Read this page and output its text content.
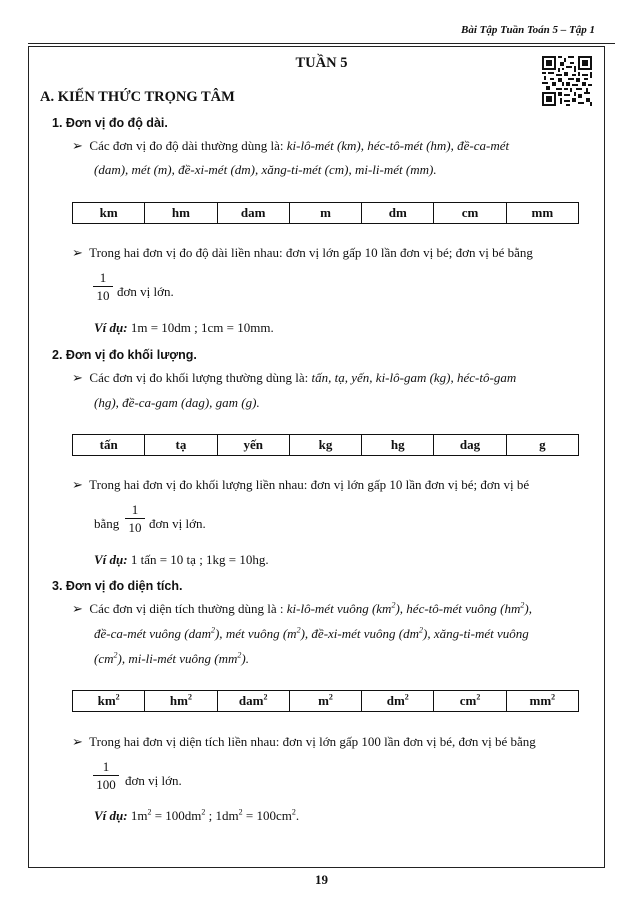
Bài Tập Tuần Toán 5 – Tập 1
TUẦN 5
A. KIẾN THỨC TRỌNG TÂM
1. Đơn vị đo độ dài.
➢ Các đơn vị đo độ dài thường dùng là: ki-lô-mét (km), héc-tô-mét (hm), đề-ca-mét
(dam), mét (m), đề-xi-mét (dm), xăng-ti-mét (cm), mi-li-mét (mm).
km	hm	dam	m	dm	cm	mm
➢ Trong hai đơn vị đo độ dài liền nhau: đơn vị lớn gấp 10 lần đơn vị bé; đơn vị bé bằng
1
10 đơn vị lớn.
Ví dụ: 1m = 10dm ; 1cm = 10mm.
2. Đơn vị đo khối lượng.
➢ Các đơn vị đo khối lượng thường dùng là: tấn, tạ, yến, ki-lô-gam (kg), héc-tô-gam
(hg), đề-ca-gam (dag), gam (g).
tấn	tạ	yến	kg	hg	dag	g
➢ Trong hai đơn vị đo khối lượng liền nhau: đơn vị lớn gấp 10 lần đơn vị bé; đơn vị bé
bằng
1
10 đơn vị lớn.
Ví dụ: 1 tấn = 10 tạ ; 1kg = 10hg.
3. Đơn vị đo diện tích.
➢ Các đơn vị diện tích thường dùng là : ki-lô-mét vuông $(km^2)$, héc-tô-mét vuông $(hm^2)$,
đề-ca-mét vuông (dam$^2$), mét vuông $(m^2)$, đề-xi-mét vuông $(dm^2)$, xăng-ti-mét vuông
$(cm^2)$, mi-li-mét vuông $(mm^2)$.
$km^2$	$hm^2$	dam$^2$	$m^2$	$dm^2$	$cm^2$	$mm^2$
➢ Trong hai đơn vị diện tích liền nhau: đơn vị lớn gấp 100 lần đơn vị bé, đơn vị bé bằng
1
100 đơn vị lớn.
Ví dụ: $1m^2 = 100dm^2$ ; $1dm^2 = 100cm^2$.
19
